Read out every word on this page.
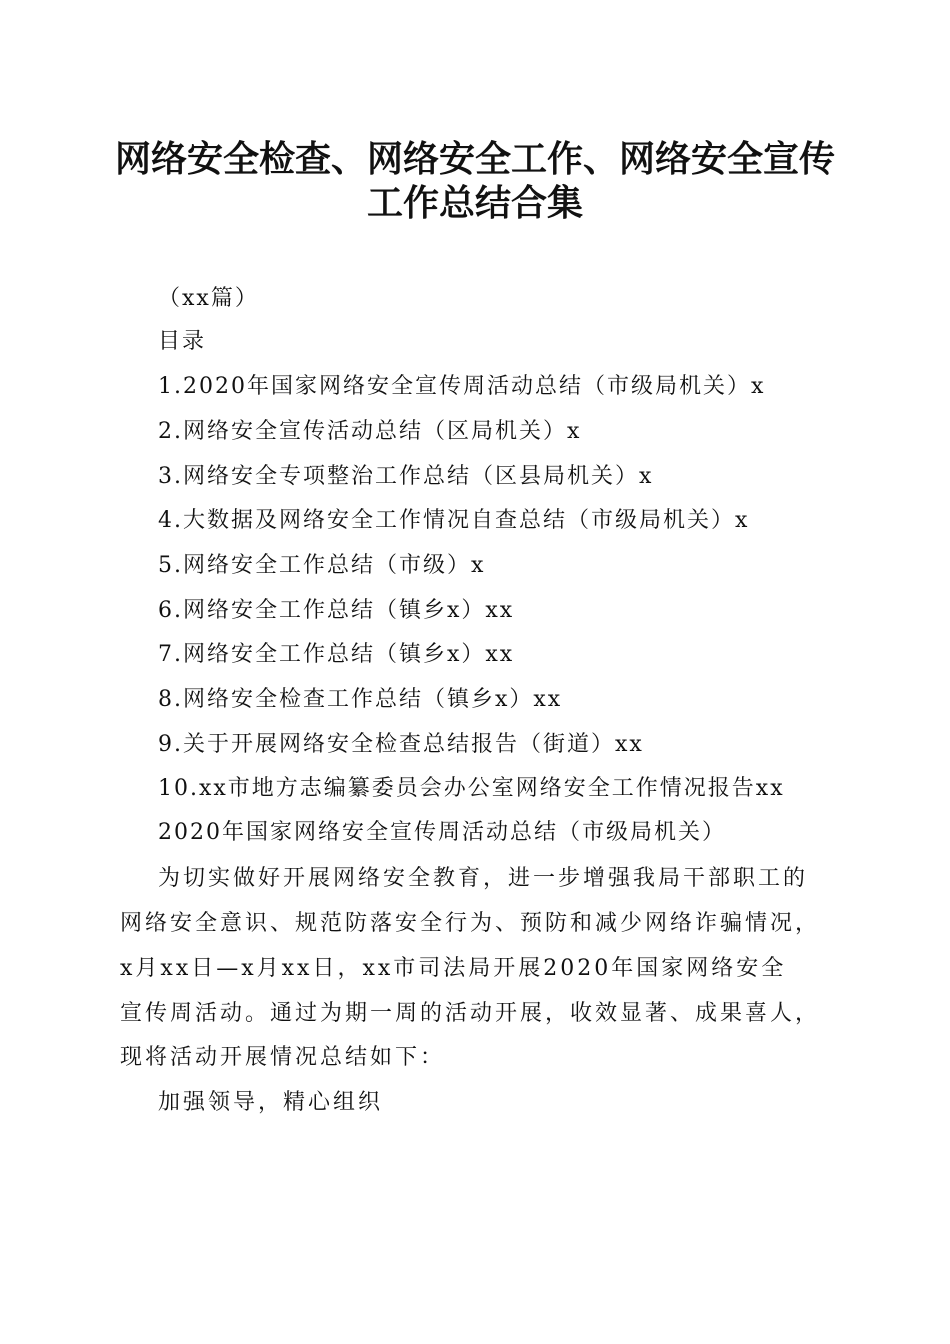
网络安全检查、网络安全工作、网络安全宣传
工作总结合集
（xx篇）
目录
1.2020年国家网络安全宣传周活动总结（市级局机关）x
2.网络安全宣传活动总结（区局机关）x
3.网络安全专项整治工作总结（区县局机关）x
4.大数据及网络安全工作情况自查总结（市级局机关）x
5.网络安全工作总结（市级）x
6.网络安全工作总结（镇乡x）xx
7.网络安全工作总结（镇乡x）xx
8.网络安全检查工作总结（镇乡x）xx
9.关于开展网络安全检查总结报告（街道）xx
10.xx市地方志编纂委员会办公室网络安全工作情况报告xx
2020年国家网络安全宣传周活动总结（市级局机关）
为切实做好开展网络安全教育，进一步增强我局干部职工的
网络安全意识、规范防落安全行为、预防和减少网络诈骗情况，
x月xx日—x月xx日，xx市司法局开展2020年国家网络安全
宣传周活动。通过为期一周的活动开展，收效显著、成果喜人，
现将活动开展情况总结如下：
加强领导，精心组织
